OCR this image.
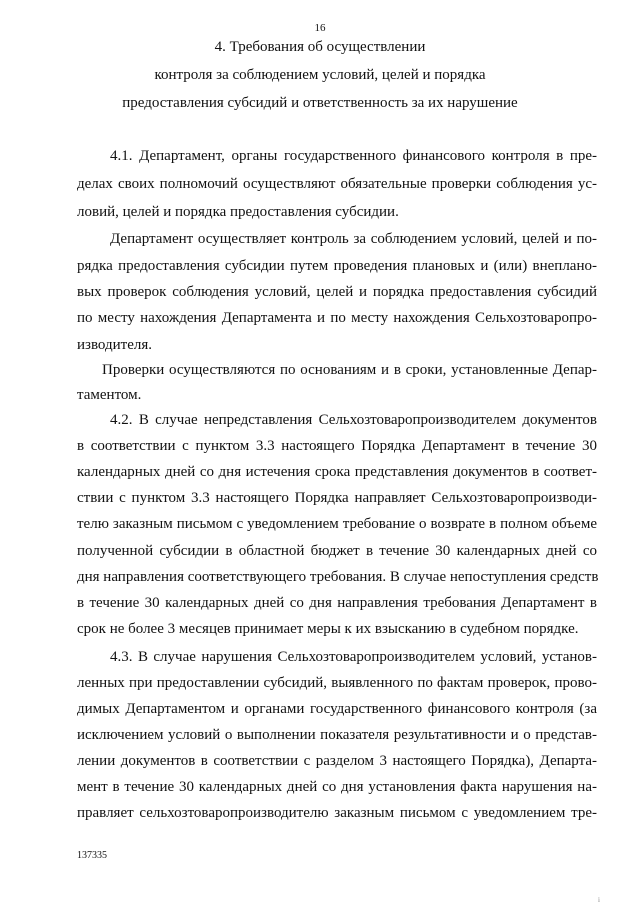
16
4. Требования об осуществлении
контроля за соблюдением условий, целей и порядка
предоставления субсидий и ответственность за их нарушение
4.1. Департамент, органы государственного финансового контроля в пре-
делах своих полномочий осуществляют обязательные проверки соблюдения ус-
ловий, целей и порядка предоставления субсидии.
Департамент осуществляет контроль за соблюдением условий, целей и по-
рядка предоставления субсидии путем проведения плановых и (или) внеплано-
вых проверок соблюдения условий, целей и порядка предоставления субсидий
по месту нахождения Департамента и по месту нахождения Сельхозтоваропро-
изводителя.
Проверки осуществляются по основаниям и в сроки, установленные Депар-
таментом.
4.2. В случае непредставления Сельхозтоваропроизводителем документов
в соответствии с пунктом 3.3 настоящего Порядка Департамент в течение 30
календарных дней со дня истечения срока представления документов в соответ-
ствии с пунктом 3.3 настоящего Порядка направляет Сельхозтоваропроизводи-
телю заказным письмом с уведомлением требование о возврате в полном объеме
полученной субсидии в областной бюджет в течение 30 календарных дней со
дня направления соответствующего требования. В случае непоступления средств
в течение 30 календарных дней со дня направления требования Департамент в
срок не более 3 месяцев принимает меры к их взысканию в судебном порядке.
4.3. В случае нарушения Сельхозтоваропроизводителем условий, установ-
ленных при предоставлении субсидий, выявленного по фактам проверок, прово-
димых Департаментом и органами государственного финансового контроля (за
исключением условий о выполнении показателя результативности и о представ-
лении документов в соответствии с разделом 3 настоящего Порядка), Департа-
мент в течение 30 календарных дней со дня установления факта нарушения на-
правляет сельхозтоваропроизводителю заказным письмом с уведомлением тре-
137335
i
